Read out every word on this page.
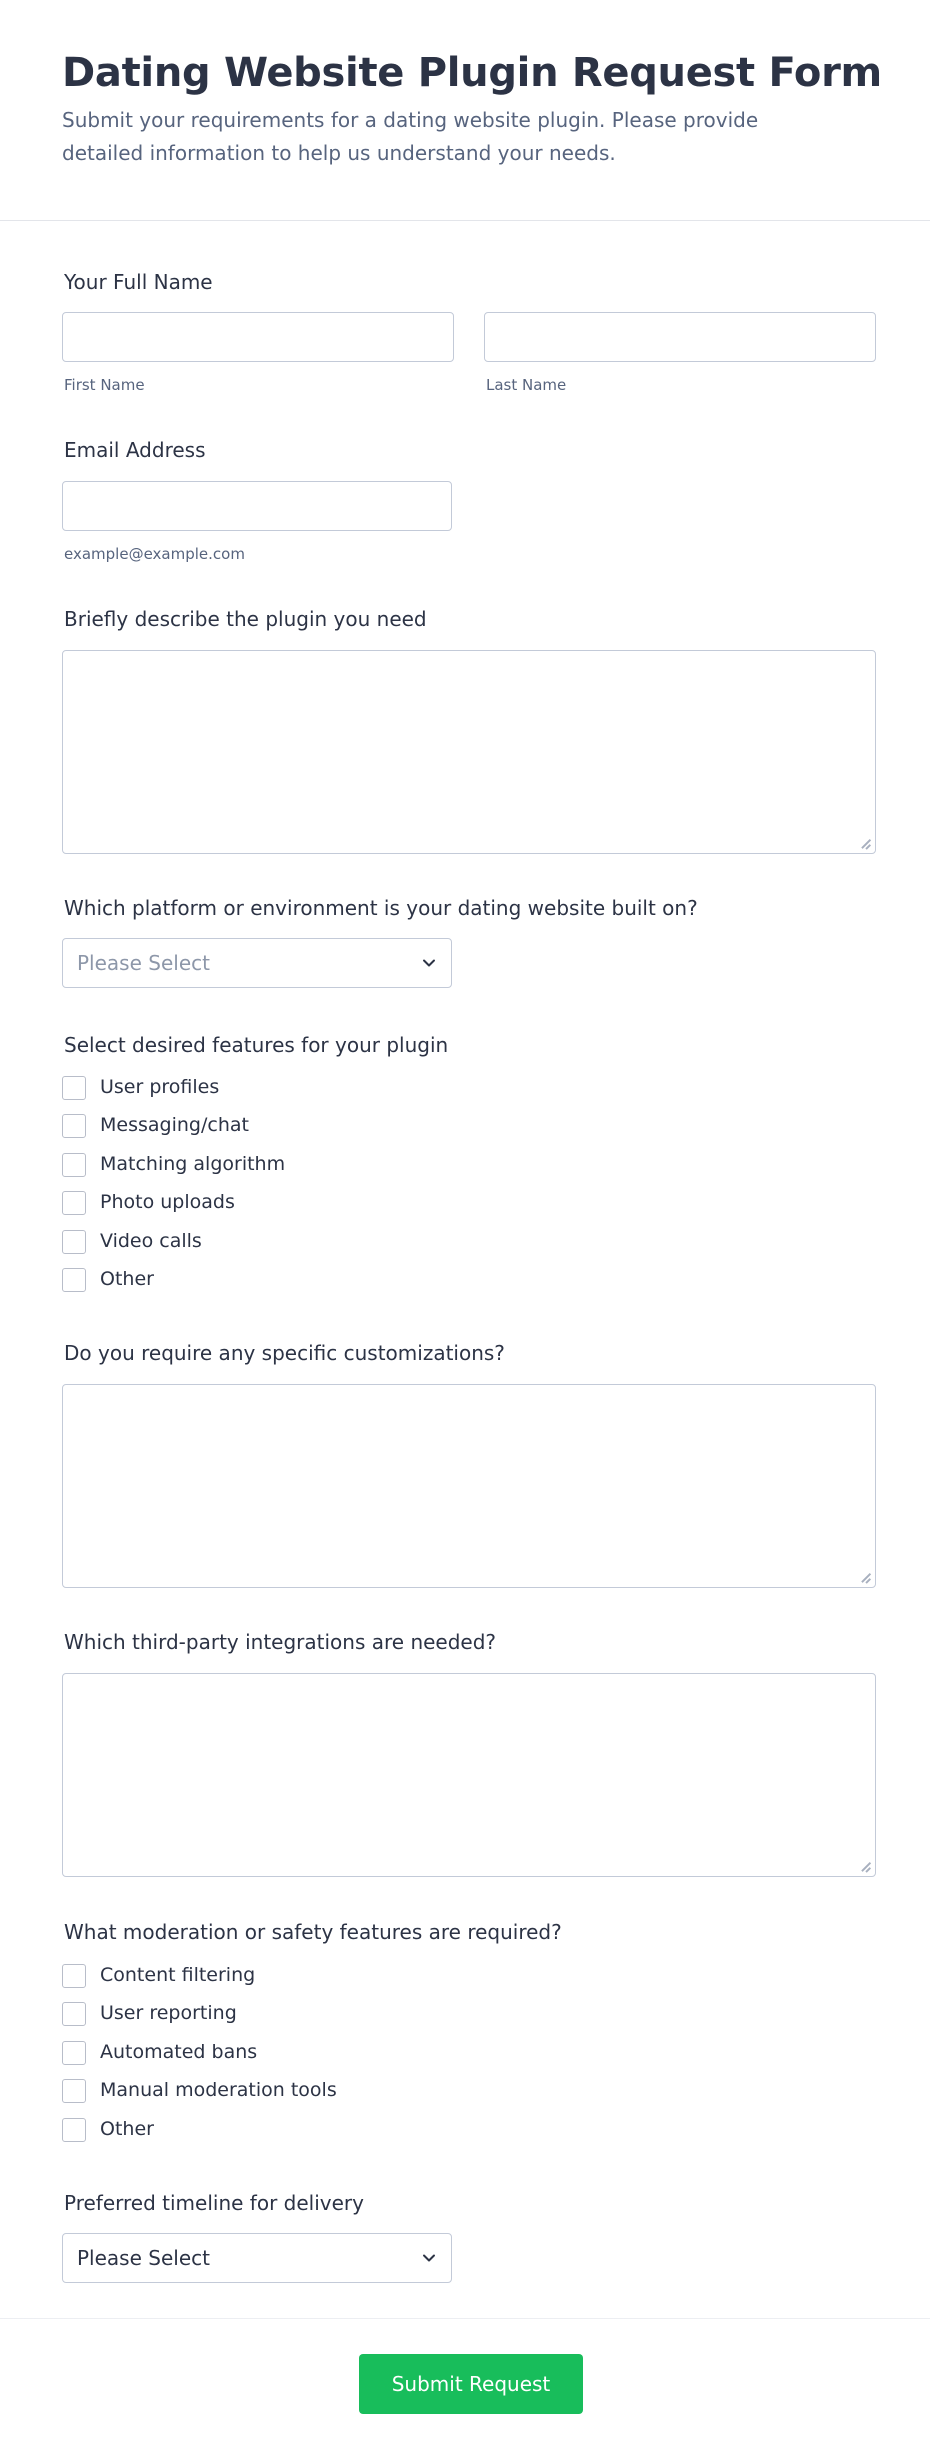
Dating Website Plugin Request Form

Submit your requirements for a dating website plugin. Please provide detailed information to help us understand your needs.

Your Full Name
First Name	Last Name
Email Address
example@example.com
Briefly describe the plugin you need
Which platform or environment is your dating website built on?
Please Select
Select desired features for your plugin
User profiles
Messaging/chat
Matching algorithm
Photo uploads
Video calls
Other
Do you require any specific customizations?
Which third-party integrations are needed?
What moderation or safety features are required?
Content filtering
User reporting
Automated bans
Manual moderation tools
Other
Preferred timeline for delivery
Please Select
Submit Request
